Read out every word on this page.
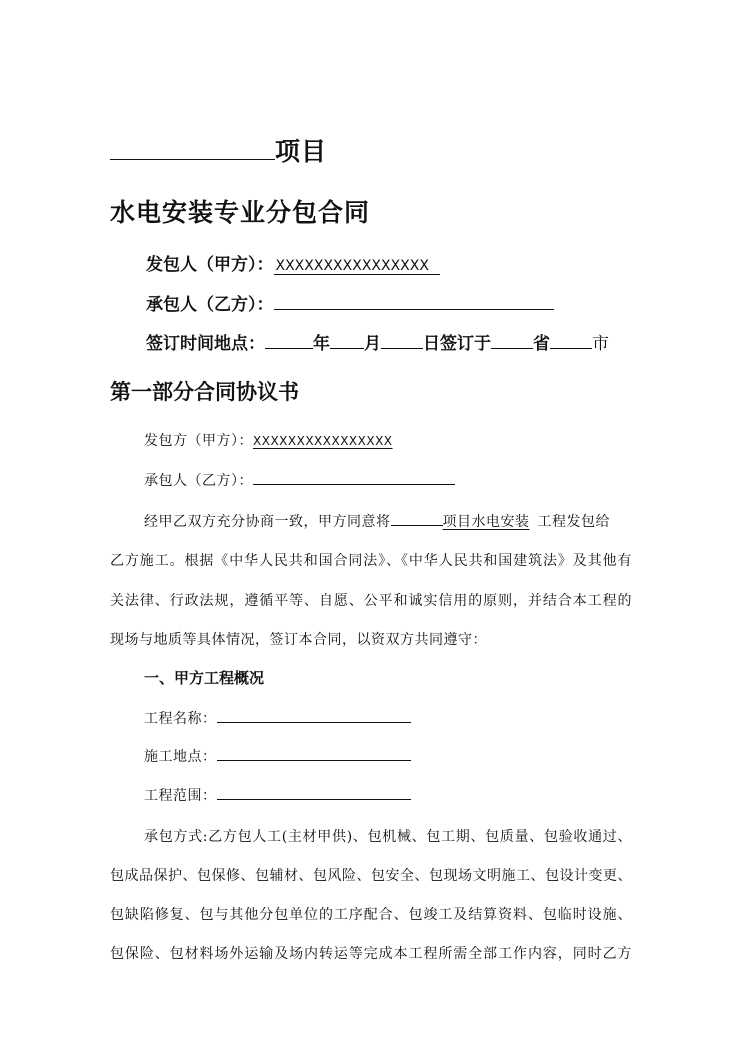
项目
水电安装专业分包合同
发包人（甲方）： XXXXXXXXXXXXXXXX
承包人（乙方）：
签订时间地点：	年 月 日签订于 省 市
第一部分合同协议书
发包方（甲方）：XXXXXXXXXXXXXXXX
承包人（乙方）：
经甲乙双方充分协商一致，甲方同意将	项目水电安装 工程发包给
乙方施工。根据《中华人民共和国合同法》、《中华人民共和国建筑法》及其他有
关法律、行政法规，遵循平等、自愿、公平和诚实信用的原则，并结合本工程的
现场与地质等具体情况，签订本合同，以资双方共同遵守：
一、甲方工程概况
工程名称：
施工地点：
工程范围：
承包方式:乙方包人工(主材甲供)、包机械、包工期、包质量、包验收通过、
包成品保护、包保修、包辅材、包风险、包安全、包现场文明施工、包设计变更、
包缺陷修复、包与其他分包单位的工序配合、包竣工及结算资料、包临时设施、
包保险、包材料场外运输及场内转运等完成本工程所需全部工作内容，同时乙方
